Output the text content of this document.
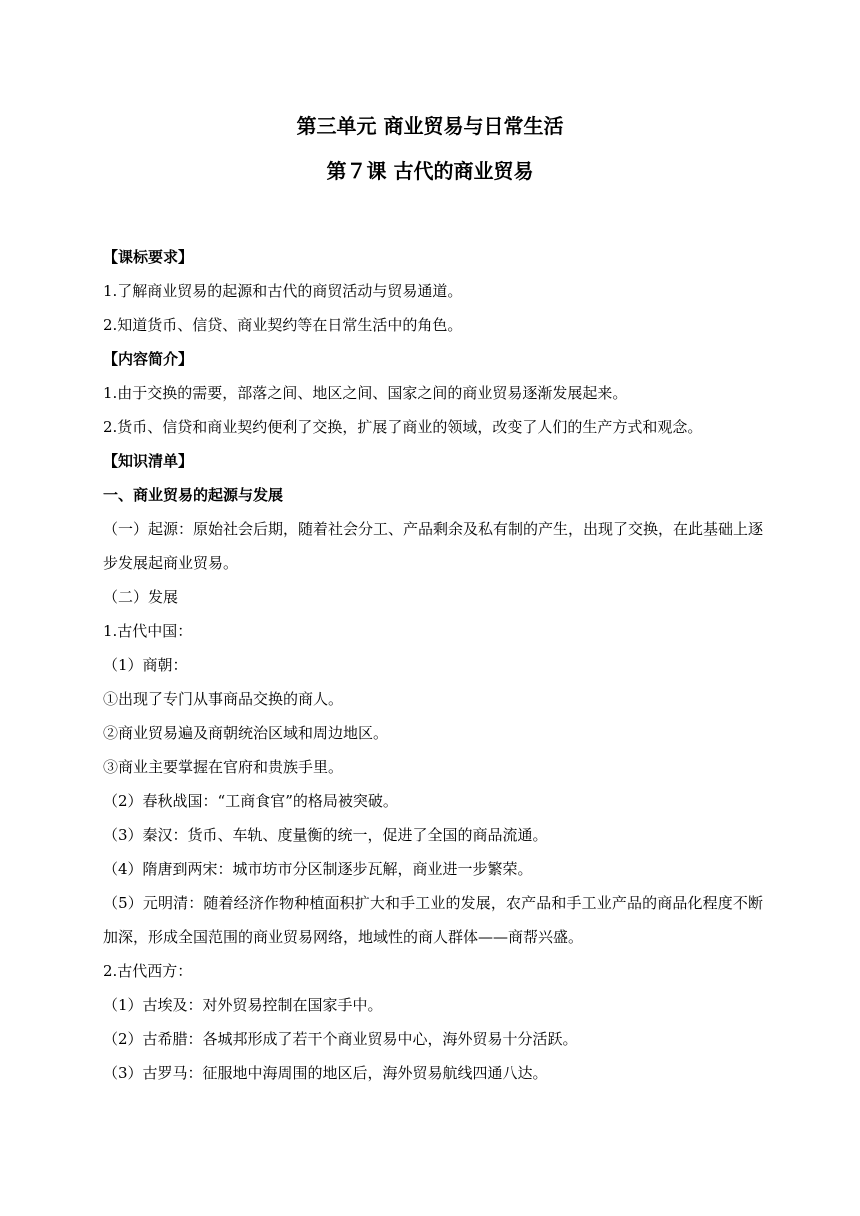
第三单元 商业贸易与日常生活
第７课 古代的商业贸易
【课标要求】
1.了解商业贸易的起源和古代的商贸活动与贸易通道。
2.知道货币、信贷、商业契约等在日常生活中的角色。
【内容简介】
1.由于交换的需要，部落之间、地区之间、国家之间的商业贸易逐渐发展起来。
2.货币、信贷和商业契约便利了交换，扩展了商业的领域，改变了人们的生产方式和观念。
【知识清单】
一、商业贸易的起源与发展
（一）起源：原始社会后期，随着社会分工、产品剩余及私有制的产生，出现了交换，在此基础上逐步发展起商业贸易。
（二）发展
1.古代中国：
（1）商朝：
①出现了专门从事商品交换的商人。
②商业贸易遍及商朝统治区域和周边地区。
③商业主要掌握在官府和贵族手里。
（2）春秋战国：“工商食官”的格局被突破。
（3）秦汉：货币、车轨、度量衡的统一，促进了全国的商品流通。
（4）隋唐到两宋：城市坊市分区制逐步瓦解，商业进一步繁荣。
（5）元明清：随着经济作物种植面积扩大和手工业的发展，农产品和手工业产品的商品化程度不断加深，形成全国范围的商业贸易网络，地域性的商人群体——商帮兴盛。
2.古代西方：
（1）古埃及：对外贸易控制在国家手中。
（2）古希腊：各城邦形成了若干个商业贸易中心，海外贸易十分活跃。
（3）古罗马：征服地中海周围的地区后，海外贸易航线四通八达。
